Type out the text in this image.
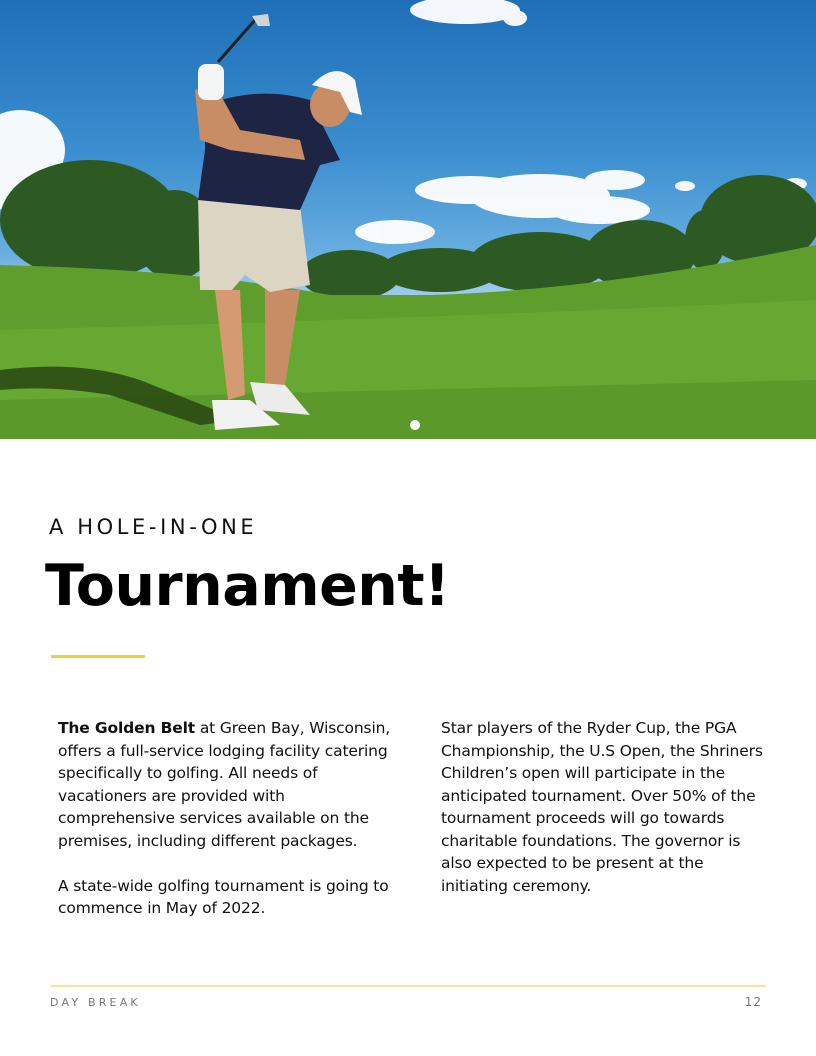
A HOLE-IN-ONE
Tournament!

The Golden Belt at Green Bay, Wisconsin, offers a full-service lodging facility catering specifically to golfing. All needs of vacationers are provided with comprehensive services available on the premises, including different packages.

A state-wide golfing tournament is going to commence in May of 2022.

Star players of the Ryder Cup, the PGA Championship, the U.S Open, the Shriners Children’s open will participate in the anticipated tournament. Over 50% of the tournament proceeds will go towards charitable foundations. The governor is also expected to be present at the initiating ceremony.

DAY BREAK	12
